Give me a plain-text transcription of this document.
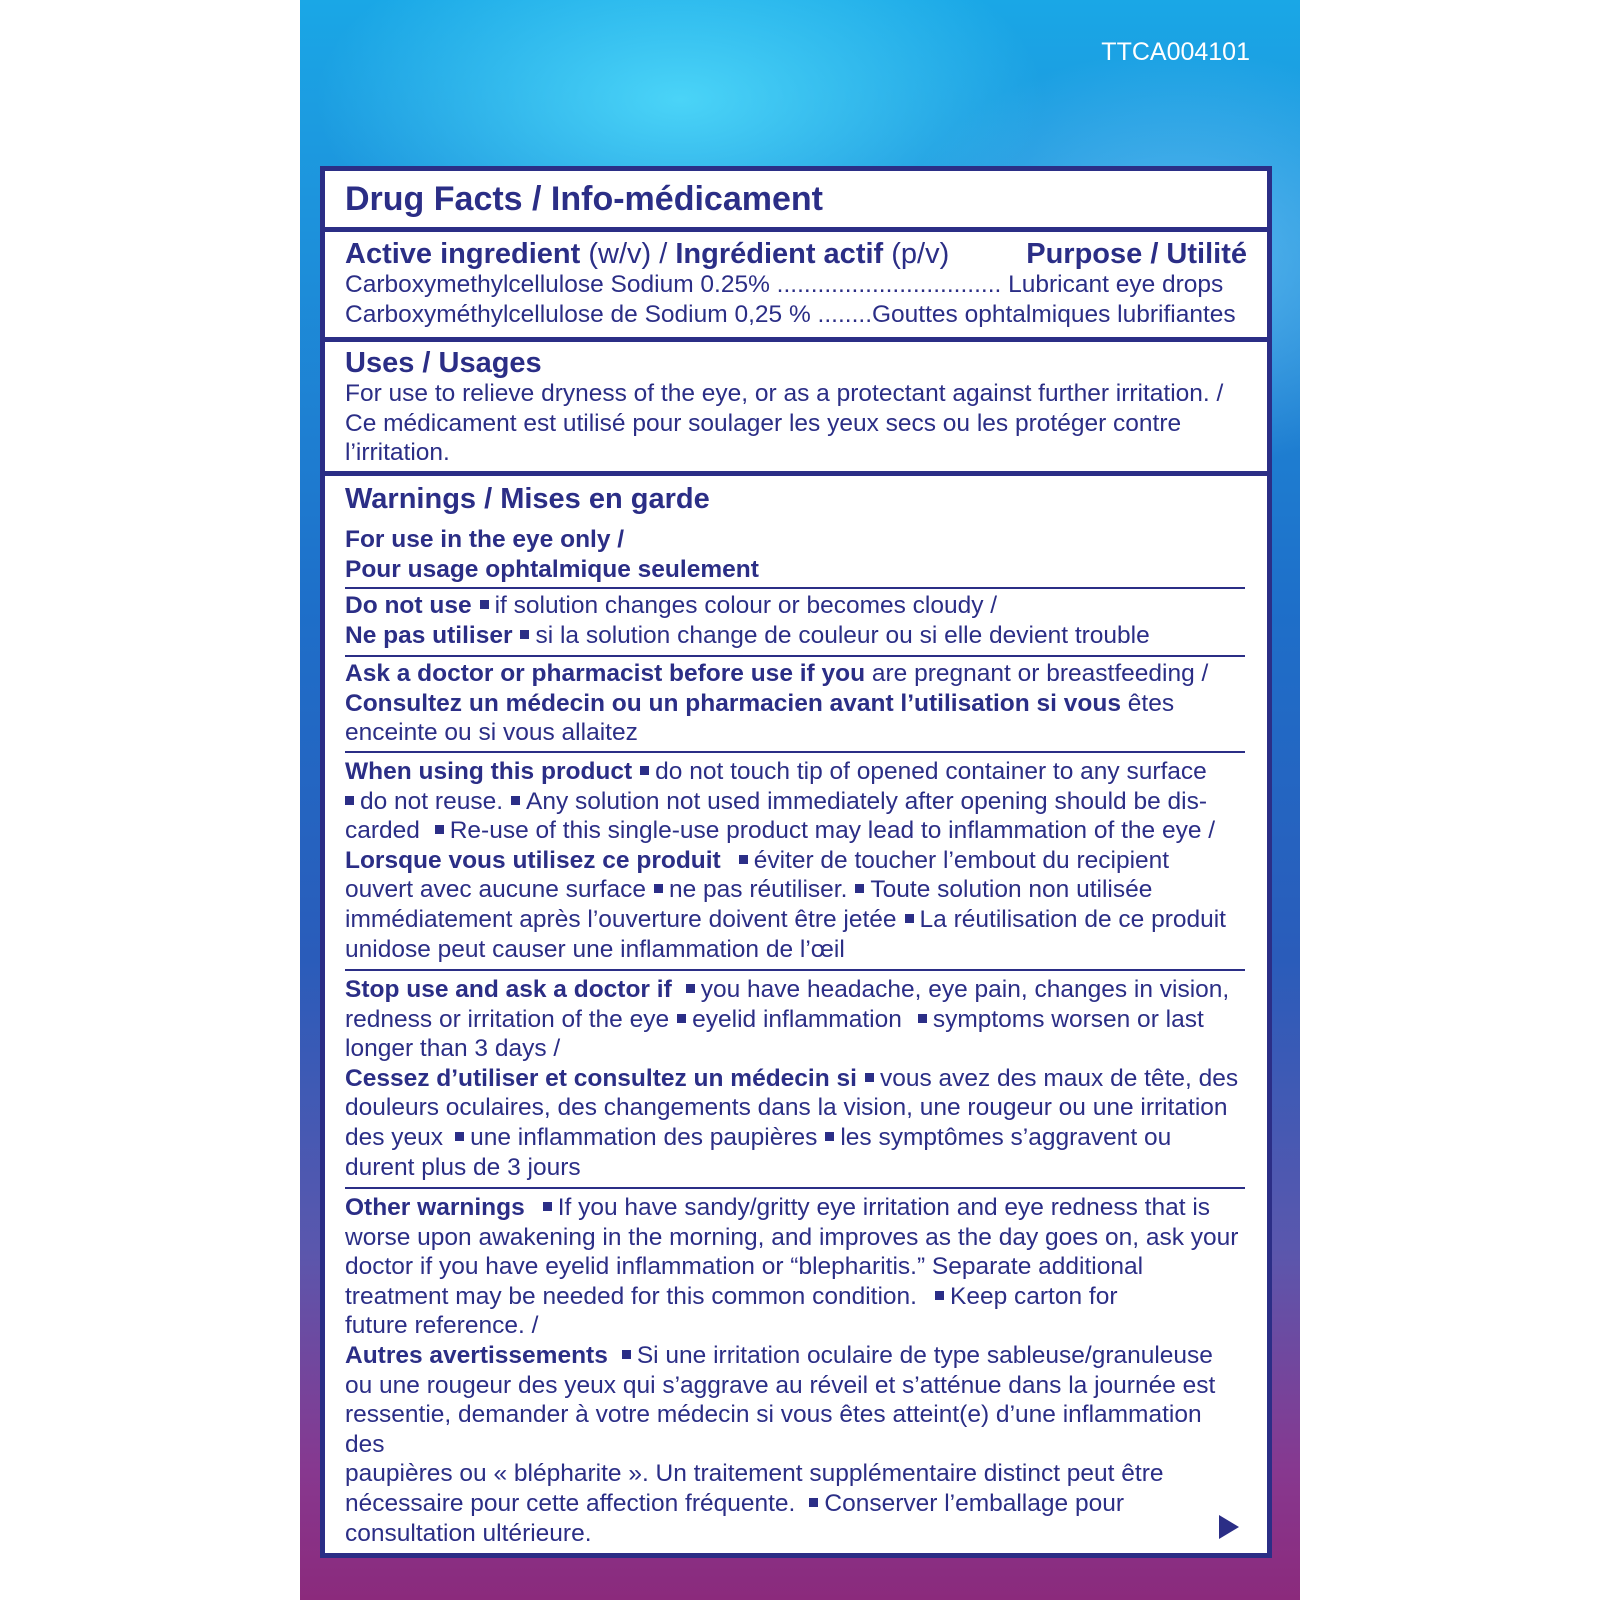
TTCA004101
Drug Facts / Info-médicament
Active ingredient (w/v) / Ingrédient actif (p/v)	Purpose / Utilité
Carboxymethylcellulose Sodium 0.25% ................................. Lubricant eye drops
Carboxyméthylcellulose de Sodium 0,25 % ........Gouttes ophtalmiques lubrifiantes
Uses / Usages
For use to relieve dryness of the eye, or as a protectant against further irritation. /
Ce médicament est utilisé pour soulager les yeux secs ou les protéger contre
l’irritation.
Warnings / Mises en garde
For use in the eye only /
Pour usage ophtalmique seulement
Do not use if solution changes colour or becomes cloudy /
Ne pas utiliser si la solution change de couleur ou si elle devient trouble
Ask a doctor or pharmacist before use if you are pregnant or breastfeeding /
Consultez un médecin ou un pharmacien avant l’utilisation si vous êtes
enceinte ou si vous allaitez
When using this product do not touch tip of opened container to any surface
do not reuse. Any solution not used immediately after opening should be dis-
carded Re-use of this single-use product may lead to inflammation of the eye /
Lorsque vous utilisez ce produit éviter de toucher l’embout du recipient
ouvert avec aucune surface ne pas réutiliser. Toute solution non utilisée
immédiatement après l’ouverture doivent être jetée La réutilisation de ce produit
unidose peut causer une inflammation de l’œil
Stop use and ask a doctor if you have headache, eye pain, changes in vision,
redness or irritation of the eye eyelid inflammation symptoms worsen or last
longer than 3 days /
Cessez d’utiliser et consultez un médecin si vous avez des maux de tête, des
douleurs oculaires, des changements dans la vision, une rougeur ou une irritation
des yeux une inflammation des paupières les symptômes s’aggravent ou
durent plus de 3 jours
Other warnings If you have sandy/gritty eye irritation and eye redness that is
worse upon awakening in the morning, and improves as the day goes on, ask your
doctor if you have eyelid inflammation or “blepharitis.” Separate additional
treatment may be needed for this common condition. Keep carton for
future reference. /
Autres avertissements Si une irritation oculaire de type sableuse/granuleuse
ou une rougeur des yeux qui s’aggrave au réveil et s’atténue dans la journée est
ressentie, demander à votre médecin si vous êtes atteint(e) d’une inflammation des
paupières ou « blépharite ». Un traitement supplémentaire distinct peut être
nécessaire pour cette affection fréquente. Conserver l’emballage pour
consultation ultérieure.
